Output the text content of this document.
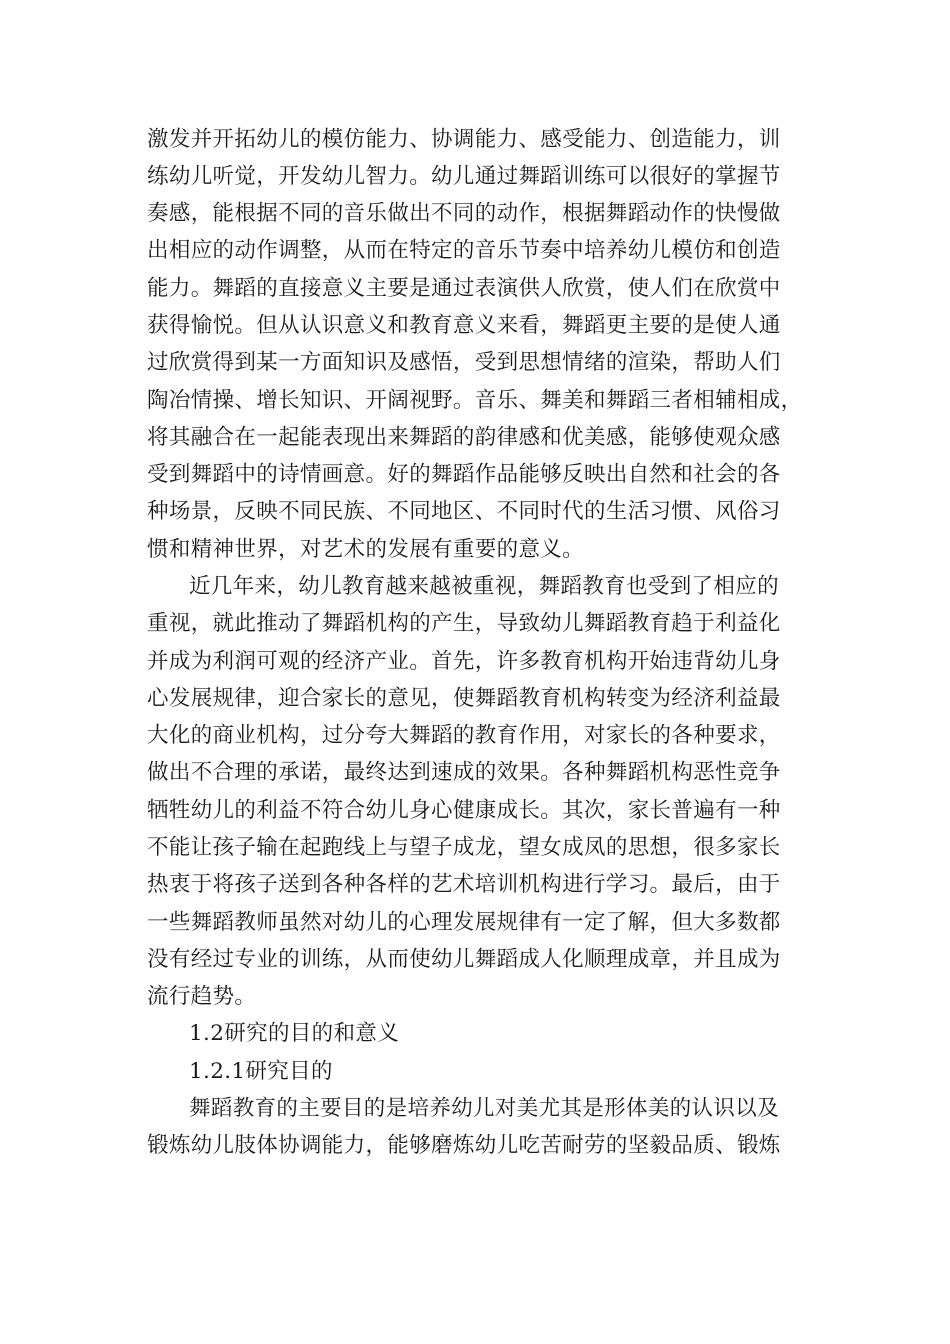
激发并开拓幼儿的模仿能力、协调能力、感受能力、创造能力，训
练幼儿听觉，开发幼儿智力。幼儿通过舞蹈训练可以很好的掌握节
奏感，能根据不同的音乐做出不同的动作，根据舞蹈动作的快慢做
出相应的动作调整，从而在特定的音乐节奏中培养幼儿模仿和创造
能力。舞蹈的直接意义主要是通过表演供人欣赏，使人们在欣赏中
获得愉悦。但从认识意义和教育意义来看，舞蹈更主要的是使人通
过欣赏得到某一方面知识及感悟，受到思想情绪的渲染，帮助人们
陶冶情操、增长知识、开阔视野。音乐、舞美和舞蹈三者相辅相成，
将其融合在一起能表现出来舞蹈的韵律感和优美感，能够使观众感
受到舞蹈中的诗情画意。好的舞蹈作品能够反映出自然和社会的各
种场景，反映不同民族、不同地区、不同时代的生活习惯、风俗习
惯和精神世界，对艺术的发展有重要的意义。
近几年来，幼儿教育越来越被重视，舞蹈教育也受到了相应的
重视，就此推动了舞蹈机构的产生，导致幼儿舞蹈教育趋于利益化
并成为利润可观的经济产业。首先，许多教育机构开始违背幼儿身
心发展规律，迎合家长的意见，使舞蹈教育机构转变为经济利益最
大化的商业机构，过分夸大舞蹈的教育作用，对家长的各种要求，
做出不合理的承诺，最终达到速成的效果。各种舞蹈机构恶性竞争
牺牲幼儿的利益不符合幼儿身心健康成长。其次，家长普遍有一种
不能让孩子输在起跑线上与望子成龙，望女成凤的思想，很多家长
热衷于将孩子送到各种各样的艺术培训机构进行学习。最后，由于
一些舞蹈教师虽然对幼儿的心理发展规律有一定了解，但大多数都
没有经过专业的训练，从而使幼儿舞蹈成人化顺理成章，并且成为
流行趋势。
1.2研究的目的和意义
1.2.1研究目的
舞蹈教育的主要目的是培养幼儿对美尤其是形体美的认识以及
锻炼幼儿肢体协调能力，能够磨炼幼儿吃苦耐劳的坚毅品质、锻炼
